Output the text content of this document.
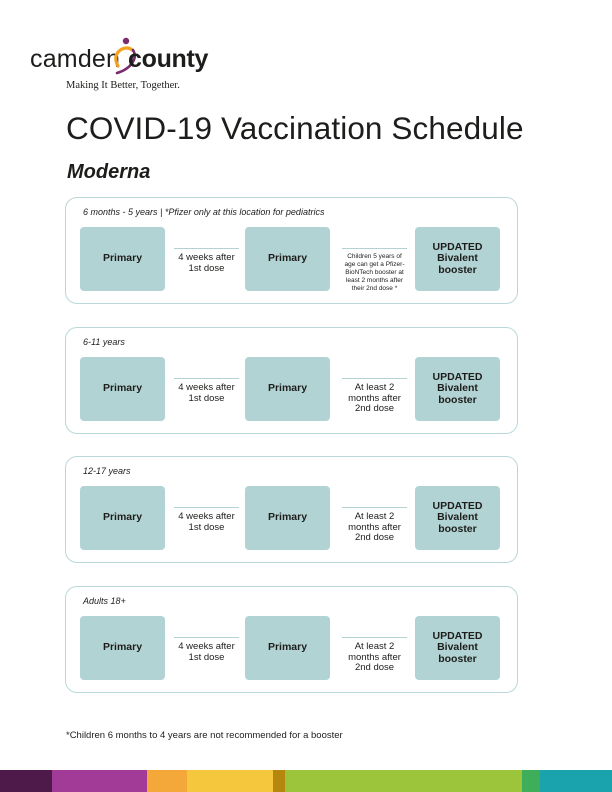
camden county
Making It Better, Together.
COVID-19 Vaccination Schedule
Moderna
6 months - 5 years | *Pfizer only at this location for pediatrics
Primary	4 weeks after 1st dose
Primary	Children 5 years of age can get a Pfizer-BioNTech booster at least 2 months after their 2nd dose *
UPDATED
Bivalent
booster
6-11 years
Primary	4 weeks after 1st dose
Primary	At least 2 months after 2nd dose
UPDATED
Bivalent
booster
12-17 years
Primary	4 weeks after 1st dose
Primary	At least 2 months after 2nd dose
UPDATED
Bivalent
booster
Adults 18+
Primary	4 weeks after 1st dose
Primary	At least 2 months after 2nd dose
UPDATED
Bivalent
booster
*Children 6 months to 4 years are not recommended for a booster
